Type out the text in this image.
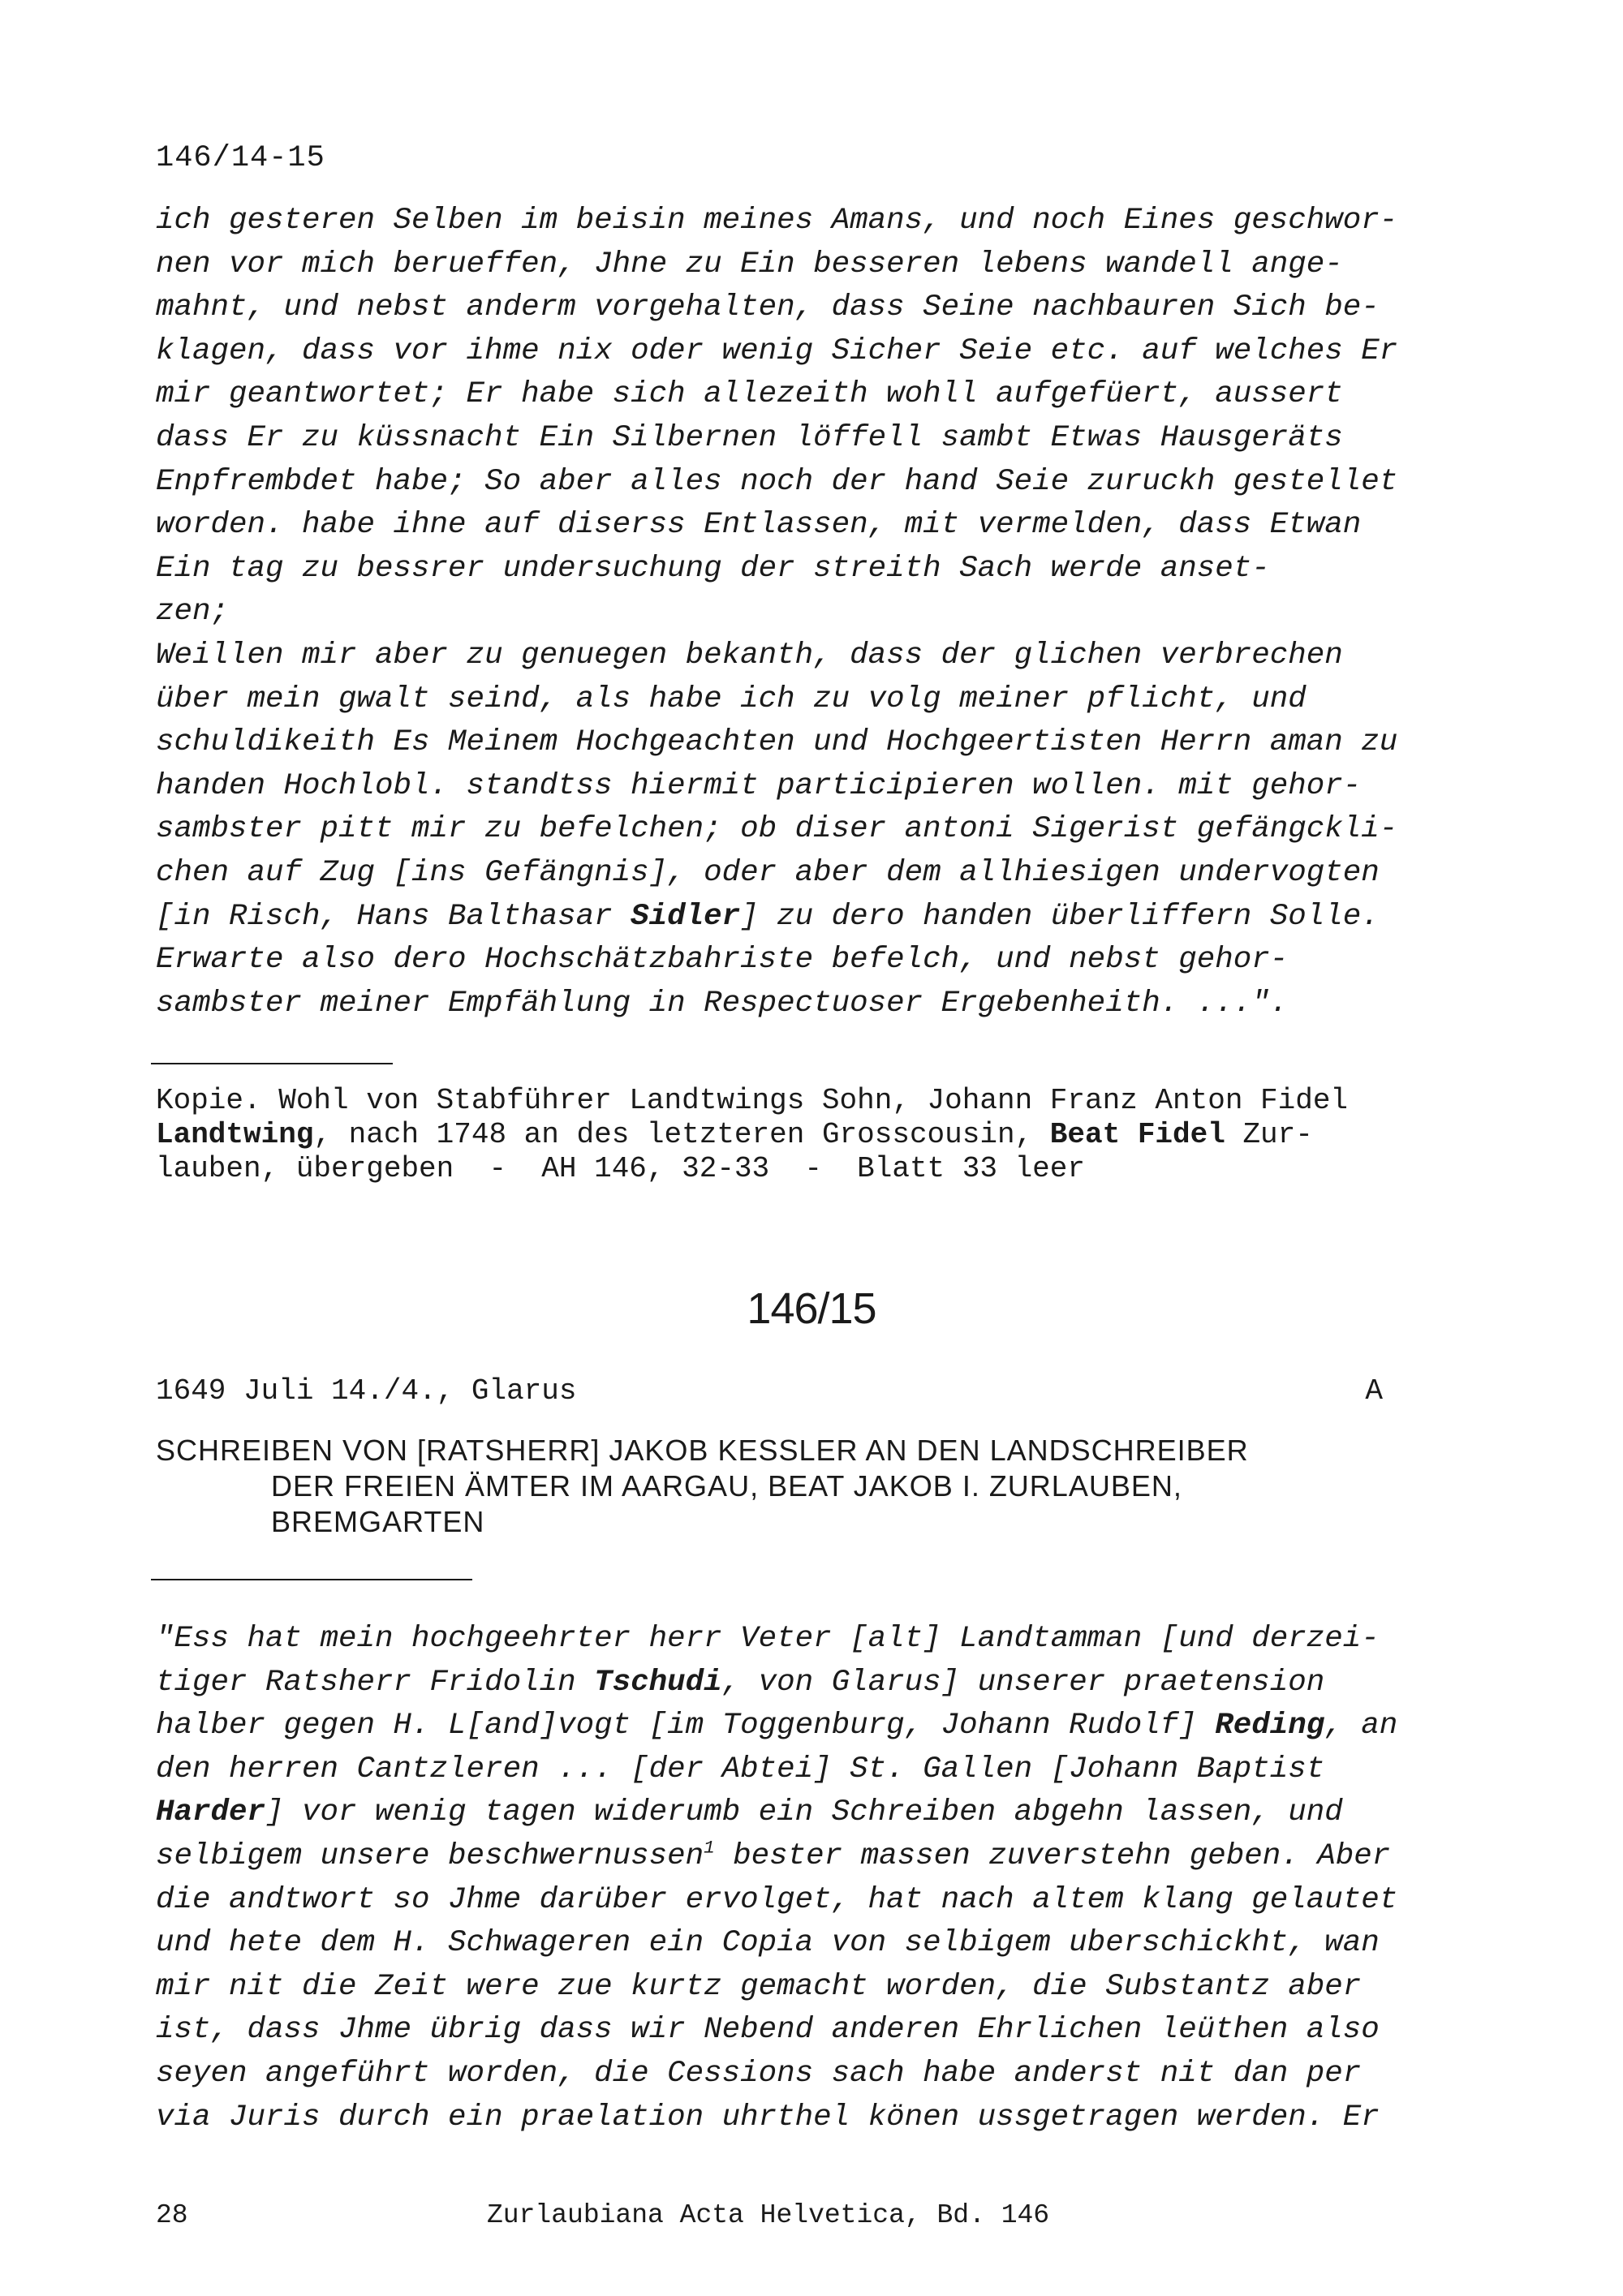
146/14-15
ich gesteren Selben im beisin meines Amans, und noch Eines geschwor-
nen vor mich berueffen, Jhne zu Ein besseren lebens wandell ange-
mahnt, und nebst anderm vorgehalten, dass Seine nachbauren Sich be-
klagen, dass vor ihme nix oder wenig Sicher Seie etc. auf welches Er
mir geantwortet; Er habe sich allezeith wohll aufgefüert, aussert
dass Er zu küssnacht Ein Silbernen löffell sambt Etwas Hausgeräts
Enpfrembdet habe; So aber alles noch der hand Seie zuruckh gestellet
worden. habe ihne auf diserss Entlassen, mit vermelden, dass Etwan
Ein tag zu bessrer undersuchung der streith Sach werde anset-
zen;
Weillen mir aber zu genuegen bekanth, dass der glichen verbrechen
über mein gwalt seind, als habe ich zu volg meiner pflicht, und
schuldikeith Es Meinem Hochgeachten und Hochgeertisten Herrn aman zu
handen Hochlobl. standtss hiermit participieren wollen. mit gehor-
sambster pitt mir zu befelchen; ob diser antoni Sigerist gefängckli-
chen auf Zug [ins Gefängnis], oder aber dem allhiesigen undervogten
[in Risch, Hans Balthasar Sidler] zu dero handen überliffern Solle.
Erwarte also dero Hochschätzbahriste befelch, und nebst gehor-
sambster meiner Empfählung in Respectuoser Ergebenheith. ...".
Kopie. Wohl von Stabführer Landtwings Sohn, Johann Franz Anton Fidel
Landtwing, nach 1748 an des letzteren Grosscousin, Beat Fidel Zur-
lauben, übergeben  -  AH 146, 32-33  -  Blatt 33 leer
146/15
1649 Juli 14./4., Glarus	A
SCHREIBEN VON [RATSHERR] JAKOB KESSLER AN DEN LANDSCHREIBER
DER FREIEN ÄMTER IM AARGAU, BEAT JAKOB I. ZURLAUBEN,
BREMGARTEN
"Ess hat mein hochgeehrter herr Veter [alt] Landtamman [und derzei-
tiger Ratsherr Fridolin Tschudi, von Glarus] unserer praetension
halber gegen H. L[and]vogt [im Toggenburg, Johann Rudolf] Reding, an
den herren Cantzleren ... [der Abtei] St. Gallen [Johann Baptist
Harder] vor wenig tagen widerumb ein Schreiben abgehn lassen, und
selbigem unsere beschwernussen$^1$ bester massen zuverstehn geben. Aber
die andtwort so Jhme darüber ervolget, hat nach altem klang gelautet
und hete dem H. Schwageren ein Copia von selbigem uberschickht, wan
mir nit die Zeit were zue kurtz gemacht worden, die Substantz aber
ist, dass Jhme übrig dass wir Nebend anderen Ehrlichen leüthen also
seyen angeführt worden, die Cessions sach habe anderst nit dan per
via Juris durch ein praelation uhrthel könen ussgetragen werden. Er
28	Zurlaubiana Acta Helvetica, Bd. 146
